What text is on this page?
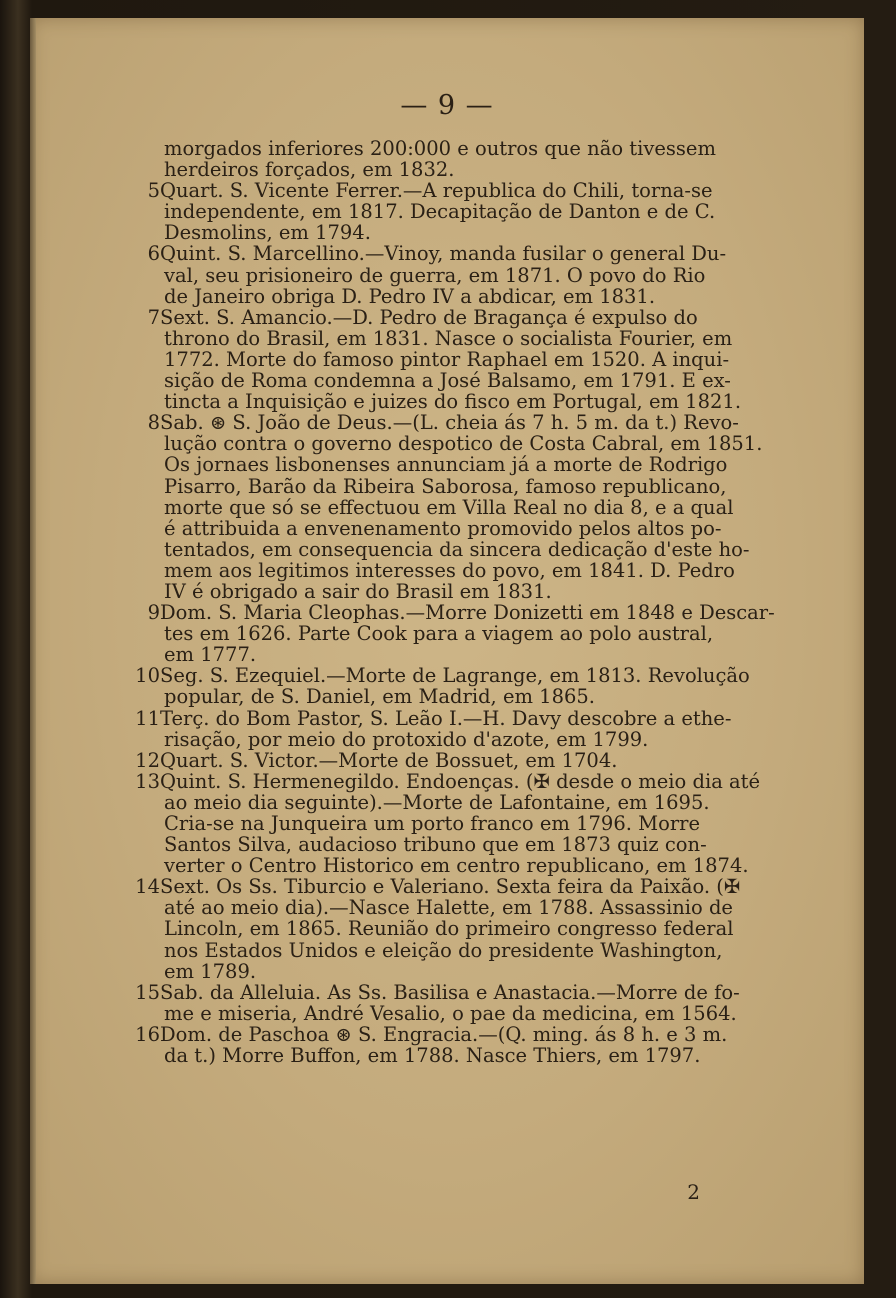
— 9 —
morgados inferiores 200:000 e outros que não tivessem
herdeiros forçados, em 1832.
5Quart. S. Vicente Ferrer.—A republica do Chili, torna-se
independente, em 1817. Decapitação de Danton e de C.
Desmolins, em 1794.
6Quint. S. Marcellino.—Vinoy, manda fusilar o general Du-
val, seu prisioneiro de guerra, em 1871. O povo do Rio
de Janeiro obriga D. Pedro IV a abdicar, em 1831.
7Sext. S. Amancio.—D. Pedro de Bragança é expulso do
throno do Brasil, em 1831. Nasce o socialista Fourier, em
1772. Morte do famoso pintor Raphael em 1520. A inqui-
sição de Roma condemna a José Balsamo, em 1791. E ex-
tincta a Inquisição e juizes do fisco em Portugal, em 1821.
8Sab. ⊛ S. João de Deus.—(L. cheia ás 7 h. 5 m. da t.) Revo-
lução contra o governo despotico de Costa Cabral, em 1851.
Os jornaes lisbonenses annunciam já a morte de Rodrigo
Pisarro, Barão da Ribeira Saborosa, famoso republicano,
morte que só se effectuou em Villa Real no dia 8, e a qual
é attribuida a envenenamento promovido pelos altos po-
tentados, em consequencia da sincera dedicação d'este ho-
mem aos legitimos interesses do povo, em 1841. D. Pedro
IV é obrigado a sair do Brasil em 1831.
9Dom. S. Maria Cleophas.—Morre Donizetti em 1848 e Descar-
tes em 1626. Parte Cook para a viagem ao polo austral,
em 1777.
10Seg. S. Ezequiel.—Morte de Lagrange, em 1813. Revolução
popular, de S. Daniel, em Madrid, em 1865.
11Terç. do Bom Pastor, S. Leão I.—H. Davy descobre a ethe-
risação, por meio do protoxido d'azote, em 1799.
12Quart. S. Victor.—Morte de Bossuet, em 1704.
13Quint. S. Hermenegildo. Endoenças. (✠ desde o meio dia até
ao meio dia seguinte).—Morte de Lafontaine, em 1695.
Cria-se na Junqueira um porto franco em 1796. Morre
Santos Silva, audacioso tribuno que em 1873 quiz con-
verter o Centro Historico em centro republicano, em 1874.
14Sext. Os Ss. Tiburcio e Valeriano. Sexta feira da Paixão. (✠
até ao meio dia).—Nasce Halette, em 1788. Assassinio de
Lincoln, em 1865. Reunião do primeiro congresso federal
nos Estados Unidos e eleição do presidente Washington,
em 1789.
15Sab. da Alleluia. As Ss. Basilisa e Anastacia.—Morre de fo-
me e miseria, André Vesalio, o pae da medicina, em 1564.
16Dom. de Paschoa ⊛ S. Engracia.—(Q. ming. ás 8 h. e 3 m.
da t.) Morre Buffon, em 1788. Nasce Thiers, em 1797.
2
